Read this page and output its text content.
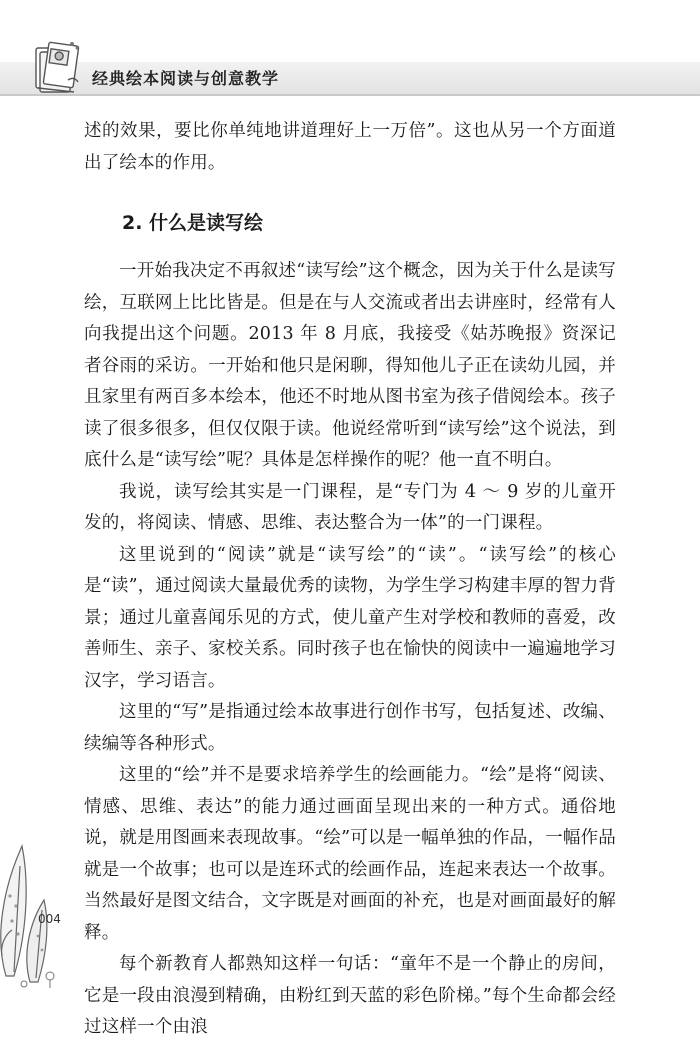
经典绘本阅读与创意教学

述的效果，要比你单纯地讲道理好上一万倍”。这也从另一个方面道出了绘本的作用。

2. 什么是读写绘

一开始我决定不再叙述“读写绘”这个概念，因为关于什么是读写绘，互联网上比比皆是。但是在与人交流或者出去讲座时，经常有人向我提出这个问题。2013 年 8 月底，我接受《姑苏晚报》资深记者谷雨的采访。一开始和他只是闲聊，得知他儿子正在读幼儿园，并且家里有两百多本绘本，他还不时地从图书室为孩子借阅绘本。孩子读了很多很多，但仅仅限于读。他说经常听到“读写绘”这个说法，到底什么是“读写绘”呢？具体是怎样操作的呢？他一直不明白。

我说，读写绘其实是一门课程，是“专门为 4 ～ 9 岁的儿童开发的，将阅读、情感、思维、表达整合为一体”的一门课程。

这里说到的“阅读”就是“读写绘”的“读”。“读写绘”的核心是“读”，通过阅读大量最优秀的读物，为学生学习构建丰厚的智力背景；通过儿童喜闻乐见的方式，使儿童产生对学校和教师的喜爱，改善师生、亲子、家校关系。同时孩子也在愉快的阅读中一遍遍地学习汉字，学习语言。

这里的“写”是指通过绘本故事进行创作书写，包括复述、改编、续编等各种形式。

这里的“绘”并不是要求培养学生的绘画能力。“绘”是将“阅读、情感、思维、表达”的能力通过画面呈现出来的一种方式。通俗地说，就是用图画来表现故事。“绘”可以是一幅单独的作品，一幅作品就是一个故事；也可以是连环式的绘画作品，连起来表达一个故事。当然最好是图文结合，文字既是对画面的补充，也是对画面最好的解释。

每个新教育人都熟知这样一句话：“童年不是一个静止的房间，它是一段由浪漫到精确，由粉红到天蓝的彩色阶梯。”每个生命都会经过这样一个由浪

004
